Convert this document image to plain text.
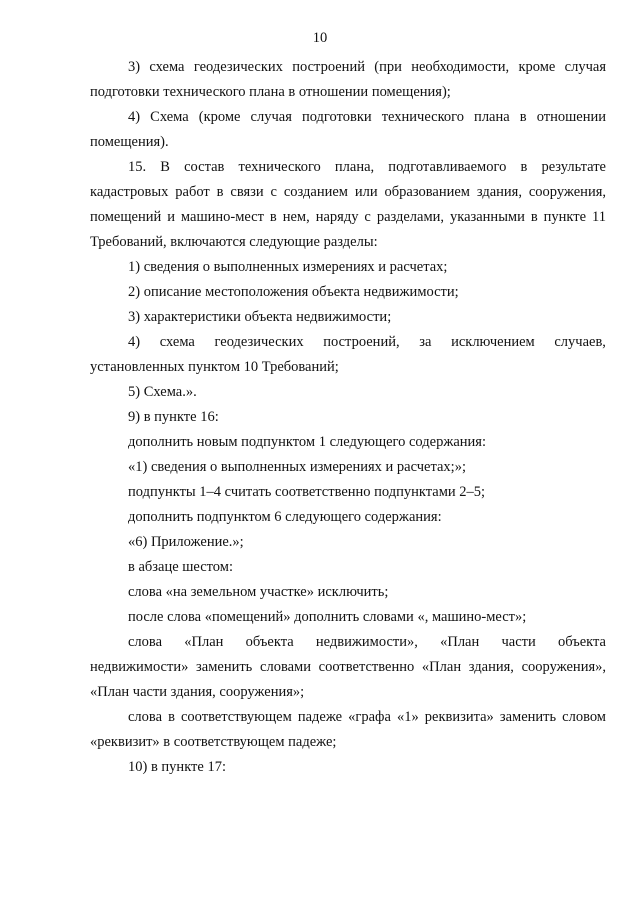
10
3) схема геодезических построений (при необходимости, кроме случая
подготовки технического плана в отношении помещения);
4) Схема (кроме случая подготовки технического плана в отношении
помещения).
15. В состав технического плана, подготавливаемого в результате
кадастровых работ в связи с созданием или образованием здания, сооружения,
помещений и машино-мест в нем, наряду с разделами, указанными в пункте 11
Требований, включаются следующие разделы:
1) сведения о выполненных измерениях и расчетах;
2) описание местоположения объекта недвижимости;
3) характеристики объекта недвижимости;
4) схема геодезических построений, за исключением случаев,
установленных пунктом 10 Требований;
5) Схема.».
9) в пункте 16:
дополнить новым подпунктом 1 следующего содержания:
«1) сведения о выполненных измерениях и расчетах;»;
подпункты 1–4 считать соответственно подпунктами 2–5;
дополнить подпунктом 6 следующего содержания:
«6) Приложение.»;
в абзаце шестом:
слова «на земельном участке» исключить;
после слова «помещений» дополнить словами «, машино-мест»;
слова «План объекта недвижимости», «План части объекта
недвижимости» заменить словами соответственно «План здания, сооружения»,
«План части здания, сооружения»;
слова в соответствующем падеже «графа «1» реквизита» заменить словом
«реквизит» в соответствующем падеже;
10) в пункте 17:
